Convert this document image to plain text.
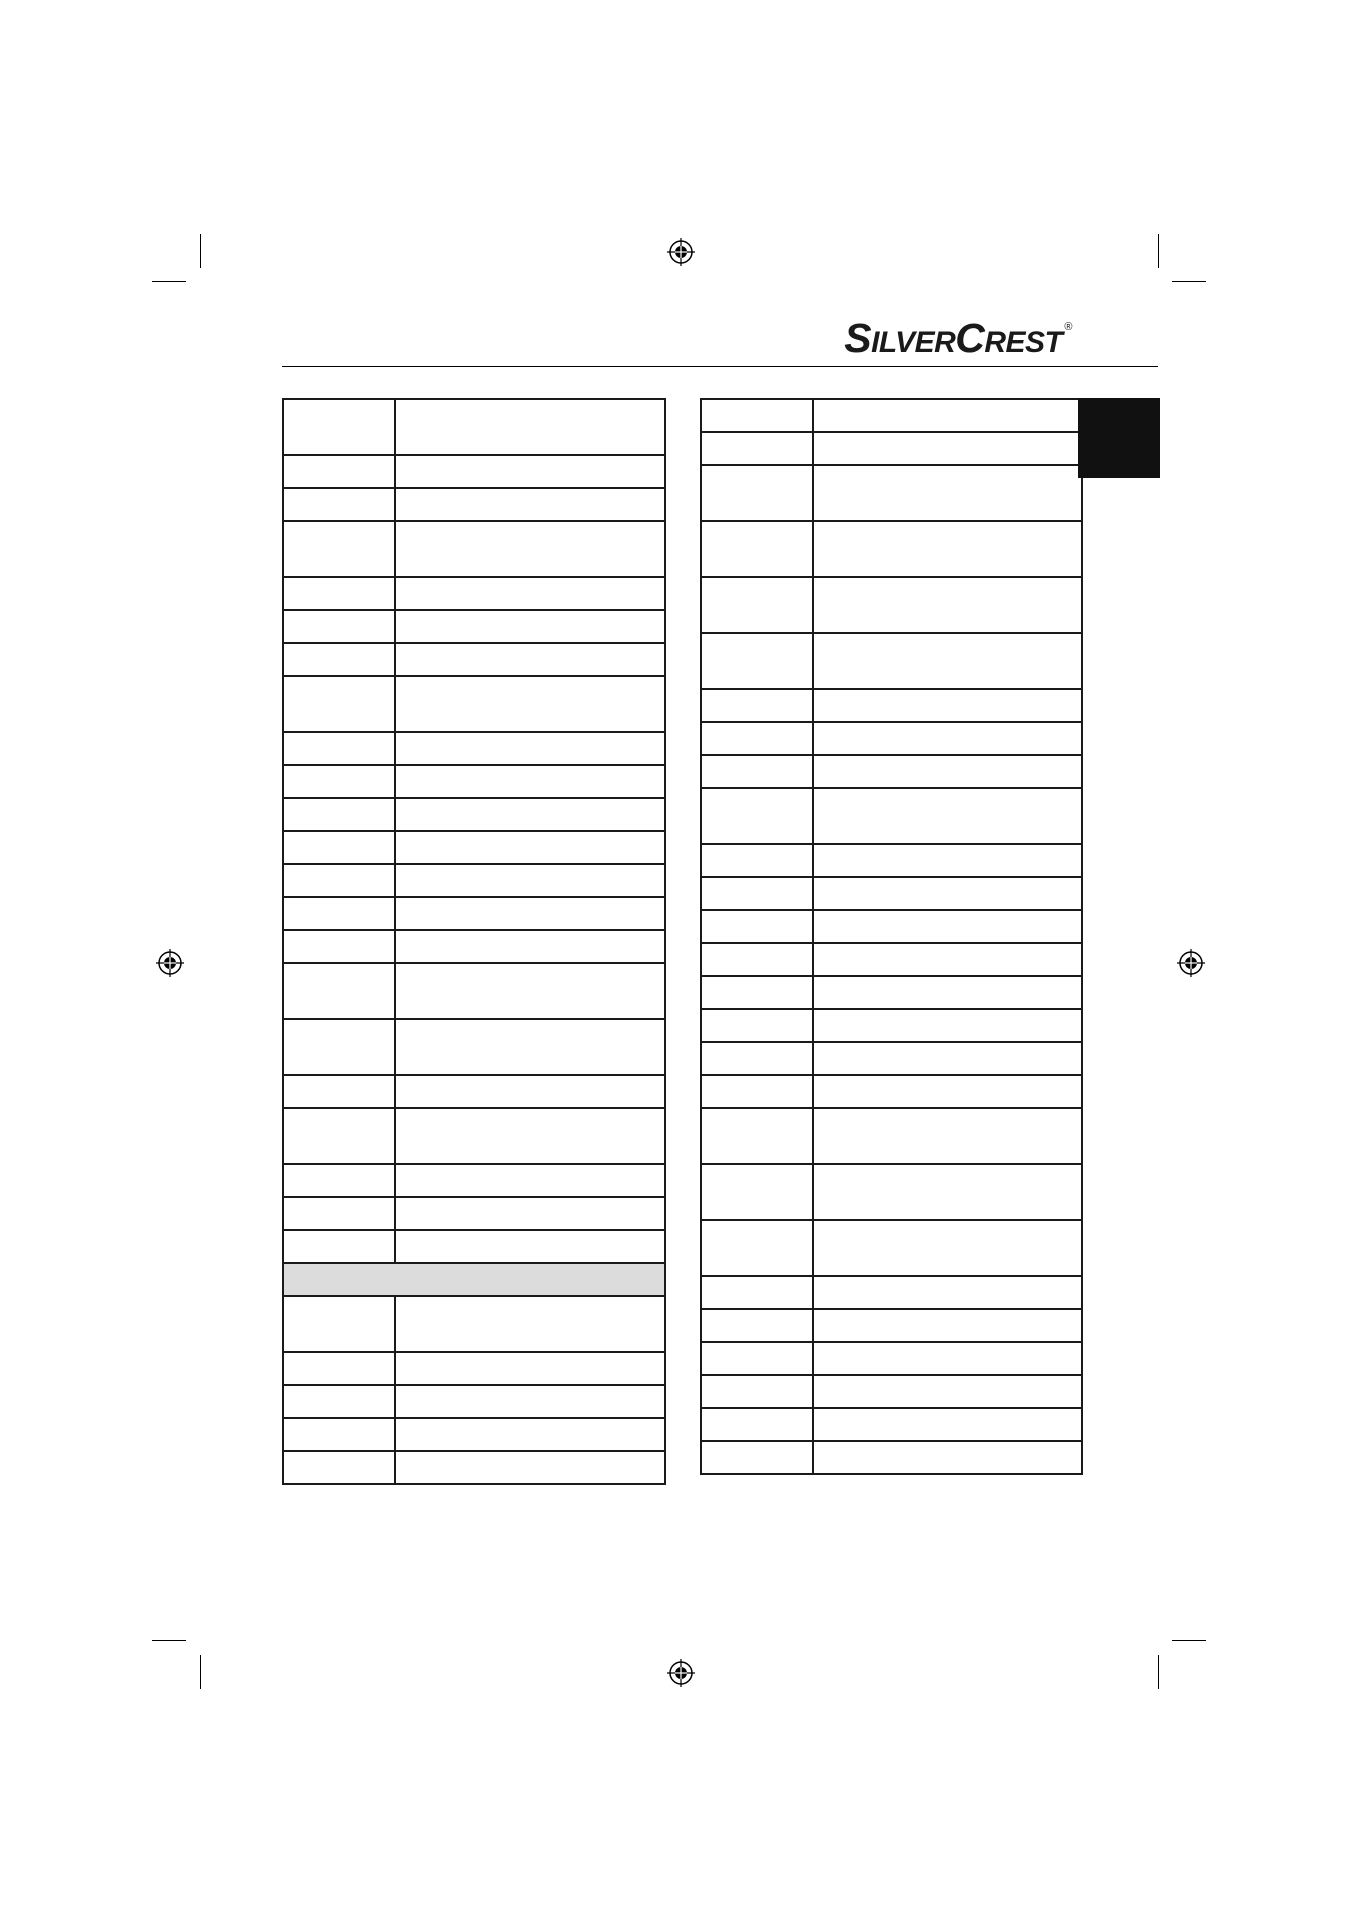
SILVERCREST ®
